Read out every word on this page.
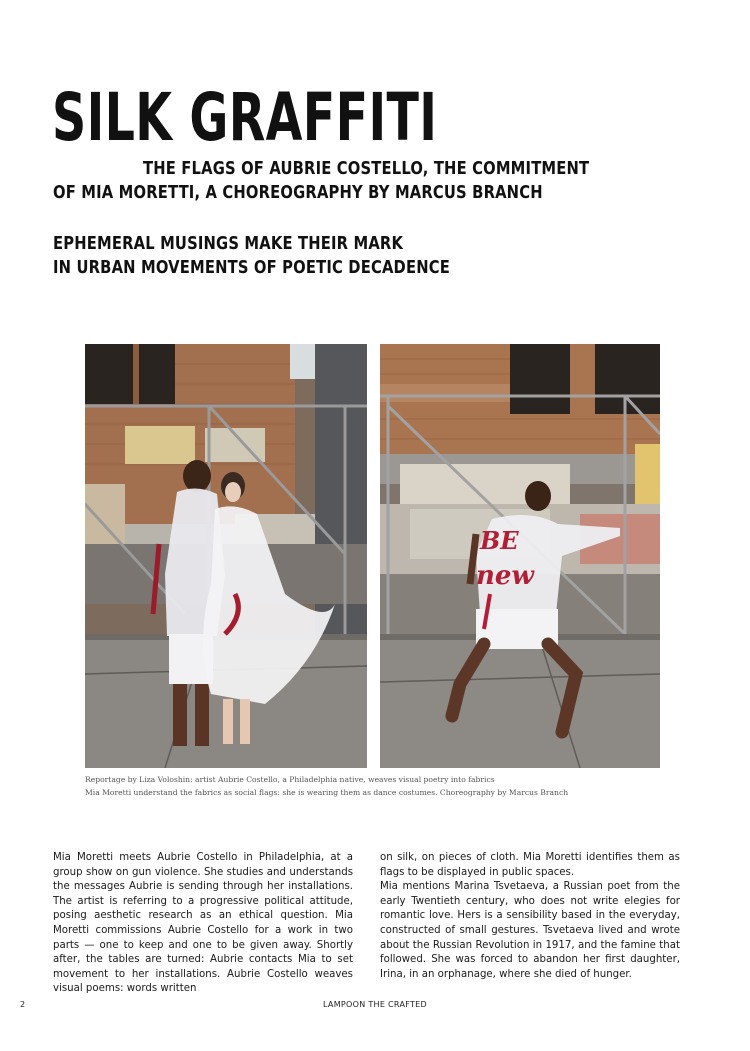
SILK GRAFFITI
THE FLAGS OF AUBRIE COSTELLO, THE COMMITMENT
OF MIA MORETTI, A CHOREOGRAPHY BY MARCUS BRANCH
EPHEMERAL MUSINGS MAKE THEIR MARK
IN URBAN MOVEMENTS OF POETIC DECADENCE
BE
new
Reportage by Liza Voloshin: artist Aubrie Costello, a Philadelphia native, weaves visual poetry into fabrics
Mia Moretti understand the fabrics as social flags: she is wearing them as dance costumes. Choreography by Marcus Branch

Mia Moretti meets Aubrie Costello in Philadelphia, at a group show on gun violence. She studies and understands the messages Aubrie is sending through her installations. The artist is referring to a progressive political attitude, posing aesthetic research as an ethical question. Mia Moretti commissions Aubrie Costello for a work in two parts — one to keep and one to be given away. Shortly after, the tables are turned: Aubrie contacts Mia to set movement to her installations. Aubrie Costello weaves visual poems: words written

on silk, on pieces of cloth. Mia Moretti identifies them as flags to be displayed in public spaces.

Mia mentions Marina Tsvetaeva, a Russian poet from the early Twentieth century, who does not write elegies for romantic love. Hers is a sensibility based in the everyday, constructed of small gestures. Tsvetaeva lived and wrote about the Russian Revolution in 1917, and the famine that followed. She was forced to abandon her first daughter, Irina, in an orphanage, where she died of hunger.

2	LAMPOON THE CRAFTED
